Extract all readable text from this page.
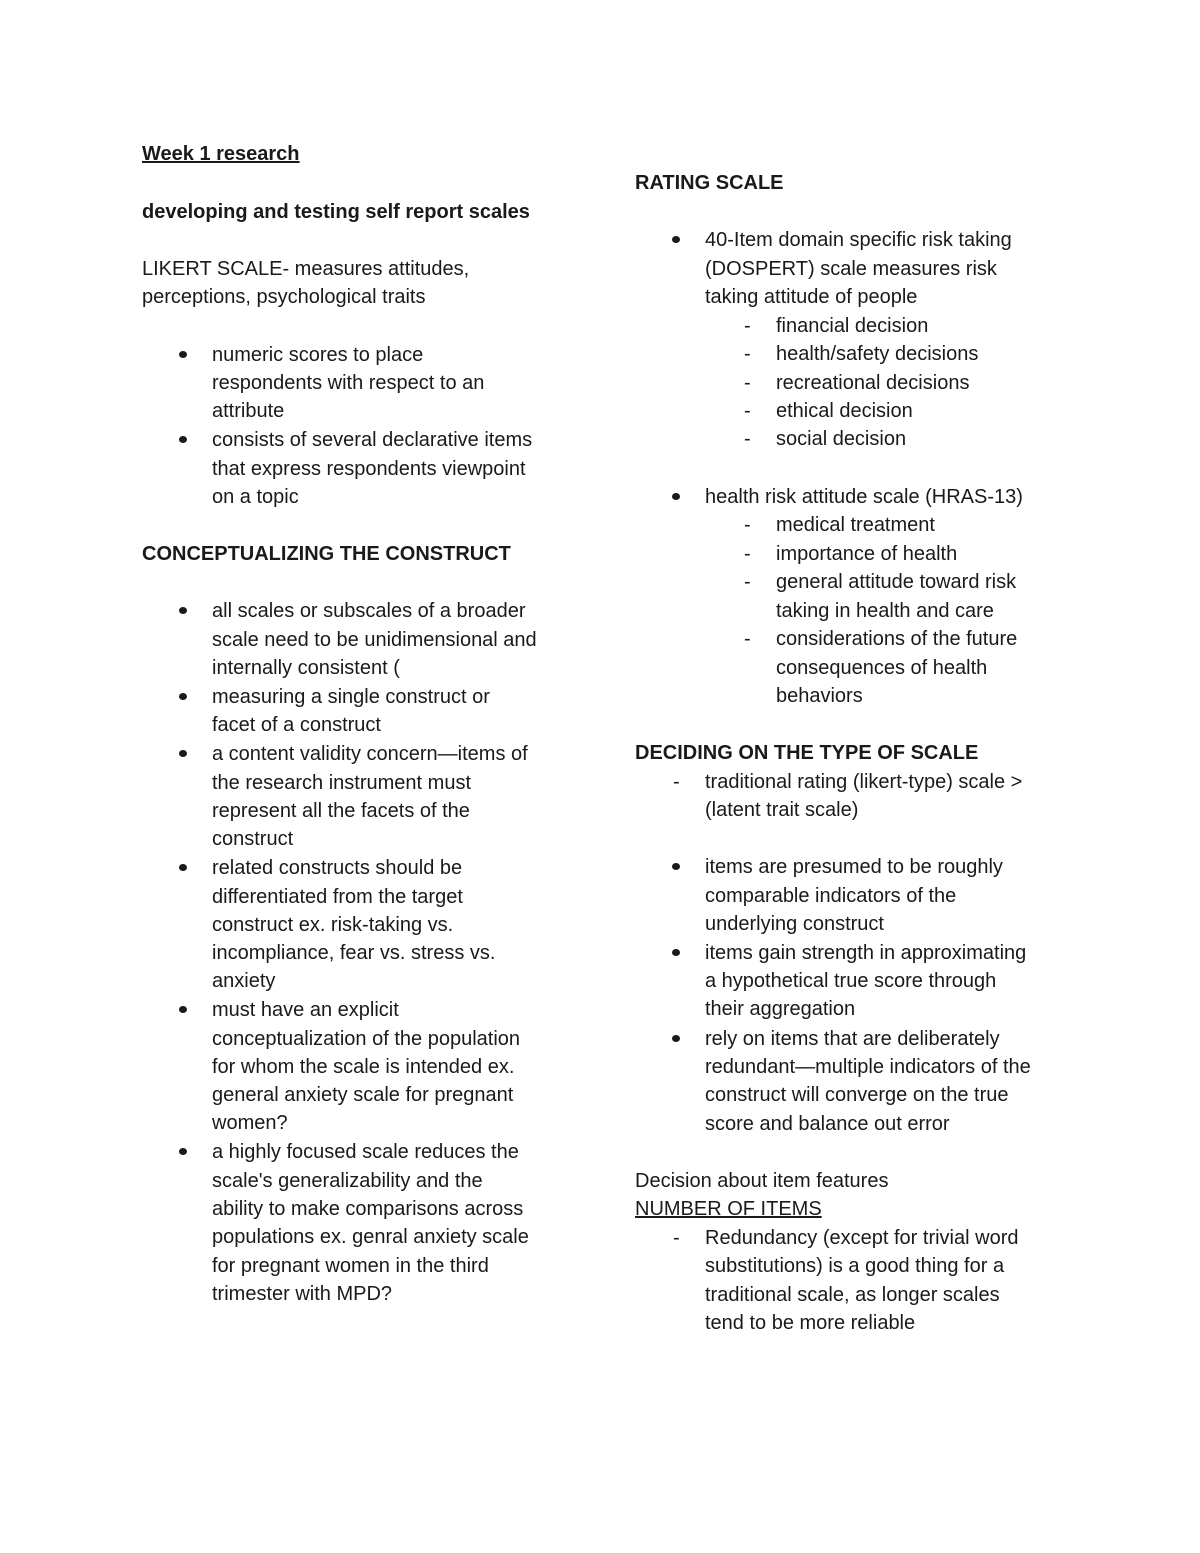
Week 1 research
developing and testing self report scales
LIKERT SCALE- measures attitudes,
perceptions, psychological traits
numeric scores to place
respondents with respect to an
attribute
consists of several declarative items
that express respondents viewpoint
on a topic
CONCEPTUALIZING THE CONSTRUCT
all scales or subscales of a broader
scale need to be unidimensional and
internally consistent (
measuring a single construct or
facet of a construct
a content validity concern—items of
the research instrument must
represent all the facets of the
construct
related constructs should be
differentiated from the target
construct ex. risk-taking vs.
incompliance, fear vs. stress vs.
anxiety
must have an explicit
conceptualization of the population
for whom the scale is intended ex.
general anxiety scale for pregnant
women?
a highly focused scale reduces the
scale's generalizability and the
ability to make comparisons across
populations ex. genral anxiety scale
for pregnant women in the third
trimester with MPD?
RATING SCALE
40-Item domain specific risk taking
(DOSPERT) scale measures risk
taking attitude of people
- financial decision
- health/safety decisions
- recreational decisions
- ethical decision
- social decision
health risk attitude scale (HRAS-13)
- medical treatment
- importance of health
- general attitude toward risk
taking in health and care
- considerations of the future
consequences of health
behaviors
DECIDING ON THE TYPE OF SCALE
- traditional rating (likert-type) scale >
(latent trait scale)
items are presumed to be roughly
comparable indicators of the
underlying construct
items gain strength in approximating
a hypothetical true score through
their aggregation
rely on items that are deliberately
redundant—multiple indicators of the
construct will converge on the true
score and balance out error
Decision about item features
NUMBER OF ITEMS
- Redundancy (except for trivial word
substitutions) is a good thing for a
traditional scale, as longer scales
tend to be more reliable
